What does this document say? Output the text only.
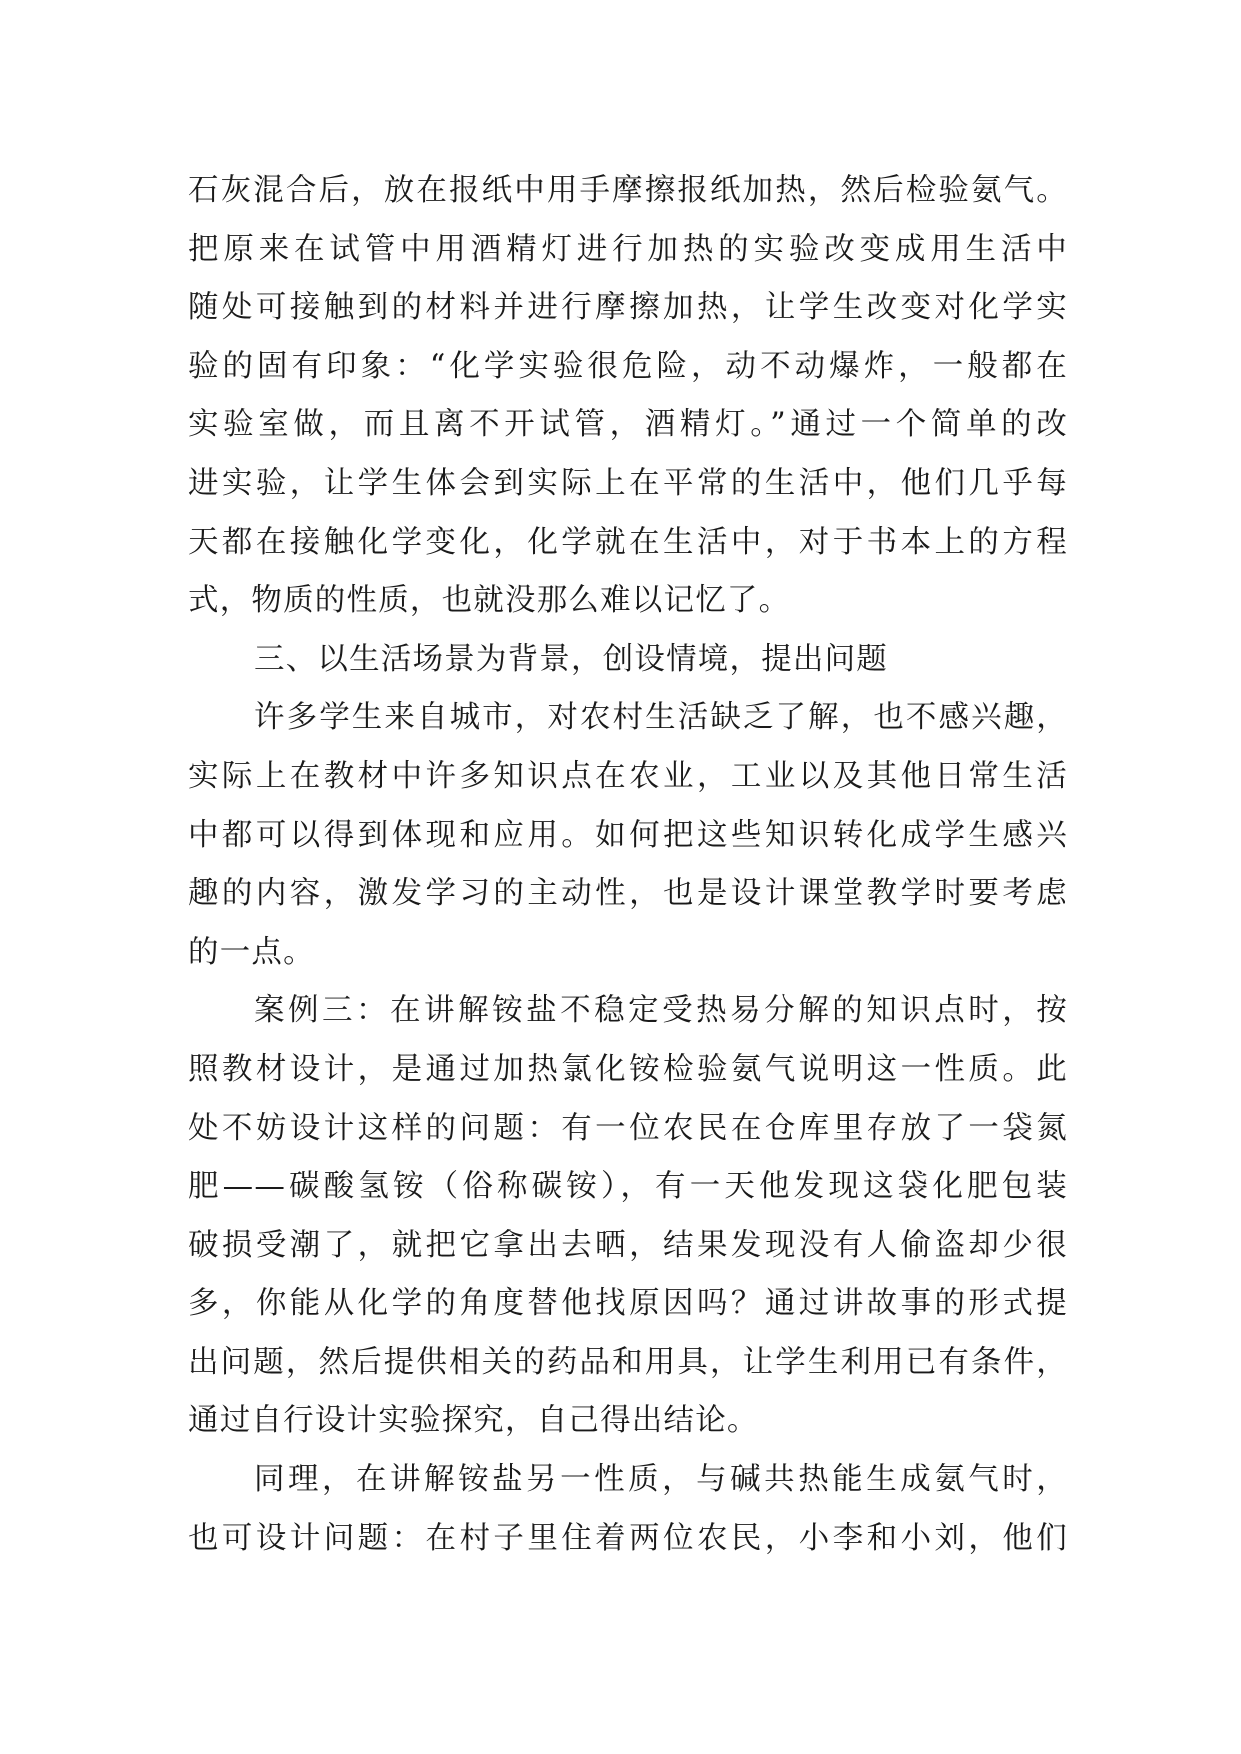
石灰混合后，放在报纸中用手摩擦报纸加热，然后检验氨气。
把原来在试管中用酒精灯进行加热的实验改变成用生活中
随处可接触到的材料并进行摩擦加热，让学生改变对化学实
验的固有印象：“化学实验很危险，动不动爆炸，一般都在
实验室做，而且离不开试管，酒精灯。”通过一个简单的改
进实验，让学生体会到实际上在平常的生活中，他们几乎每
天都在接触化学变化，化学就在生活中，对于书本上的方程
式，物质的性质，也就没那么难以记忆了。
三、以生活场景为背景，创设情境，提出问题
许多学生来自城市，对农村生活缺乏了解，也不感兴趣，
实际上在教材中许多知识点在农业，工业以及其他日常生活
中都可以得到体现和应用。如何把这些知识转化成学生感兴
趣的内容，激发学习的主动性，也是设计课堂教学时要考虑
的一点。
案例三：在讲解铵盐不稳定受热易分解的知识点时，按
照教材设计，是通过加热氯化铵检验氨气说明这一性质。此
处不妨设计这样的问题：有一位农民在仓库里存放了一袋氮
肥——碳酸氢铵（俗称碳铵），有一天他发现这袋化肥包装
破损受潮了，就把它拿出去晒，结果发现没有人偷盗却少很
多，你能从化学的角度替他找原因吗？通过讲故事的形式提
出问题，然后提供相关的药品和用具，让学生利用已有条件，
通过自行设计实验探究，自己得出结论。
同理，在讲解铵盐另一性质，与碱共热能生成氨气时，
也可设计问题：在村子里住着两位农民，小李和小刘，他们
